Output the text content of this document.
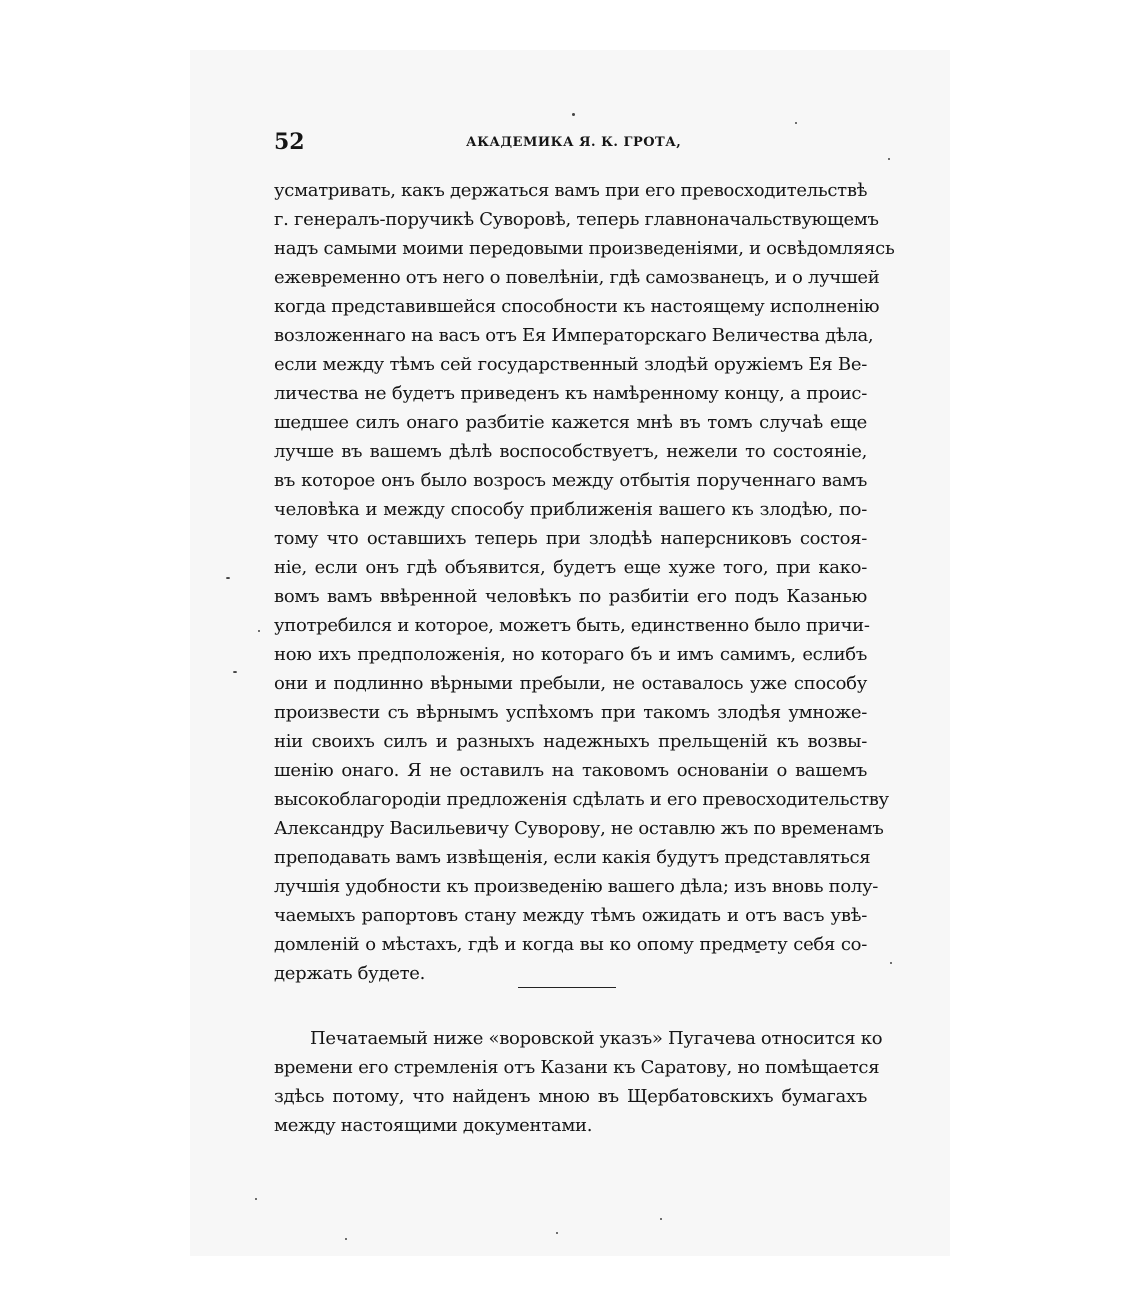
52	АКАДЕМИКА Я. К. ГРОТА,
усматривать, какъ держаться вамъ при его превосходительствѣ
г. генералъ-поручикѣ Суворовѣ, теперь главноначальствующемъ
надъ самыми моими передовыми произведеніями, и освѣдомляясь
ежевременно отъ него о повелѣніи, гдѣ самозванецъ, и о лучшей
когда представившейся способности къ настоящему исполненію
возложеннаго на васъ отъ Ея Императорскаго Величества дѣла,
если между тѣмъ сей государственный злодѣй оружіемъ Ея Ве-
личества не будетъ приведенъ къ намѣренному концу, а проис-
шедшее силъ онаго разбитіе кажется мнѣ въ томъ случаѣ еще
лучше въ вашемъ дѣлѣ воспособствуетъ, нежели то состояніе,
въ которое онъ было возросъ между отбытія порученнаго вамъ
человѣка и между способу приближенія вашего къ злодѣю, по-
тому что оставшихъ теперь при злодѣѣ наперсниковъ состоя-
ніе, если онъ гдѣ объявится, будетъ еще хуже того, при како-
вомъ вамъ ввѣренной человѣкъ по разбитіи его подъ Казанью
употребился и которое, можетъ быть, единственно было причи-
ною ихъ предположенія, но котораго бъ и имъ самимъ, еслибъ
они и подлинно вѣрными пребыли, не оставалось уже способу
произвести съ вѣрнымъ успѣхомъ при такомъ злодѣя умноже-
ніи своихъ силъ и разныхъ надежныхъ прельщеній къ возвы-
шенію онаго. Я не оставилъ на таковомъ основаніи о вашемъ
высокоблагородіи предложенія сдѣлать и его превосходительству
Александру Васильевичу Суворову, не оставлю жъ по временамъ
преподавать вамъ извѣщенія, если какія будутъ представляться
лучшія удобности къ произведенію вашего дѣла; изъ вновь полу-
чаемыхъ рапортовъ стану между тѣмъ ожидать и отъ васъ увѣ-
домленій о мѣстахъ, гдѣ и когда вы ко опому предмету себя со-
держать будете.
Печатаемый ниже «воровской указъ» Пугачева относится ко
времени его стремленія отъ Казани къ Саратову, но помѣщается
здѣсь потому, что найденъ мною въ Щербатовскихъ бумагахъ
между настоящими документами.
